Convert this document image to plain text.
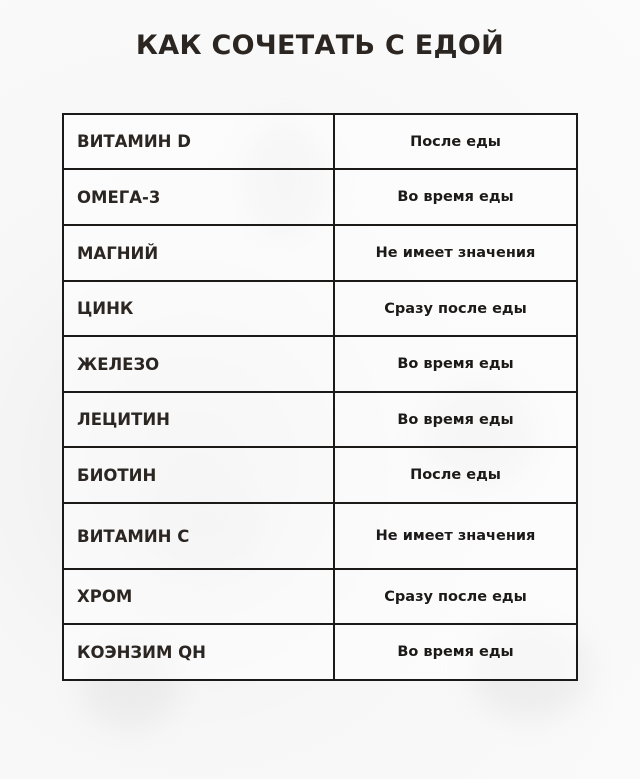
КАК СОЧЕТАТЬ С ЕДОЙ
ВИТАМИН D	После еды
ОМЕГА-3	Во время еды
МАГНИЙ	Не имеет значения
ЦИНК	Сразу после еды
ЖЕЛЕЗО	Во время еды
ЛЕЦИТИН	Во время еды
БИОТИН	После еды
ВИТАМИН C	Не имеет значения
ХРОМ	Сразу после еды
КОЭНЗИМ QH	Во время еды
